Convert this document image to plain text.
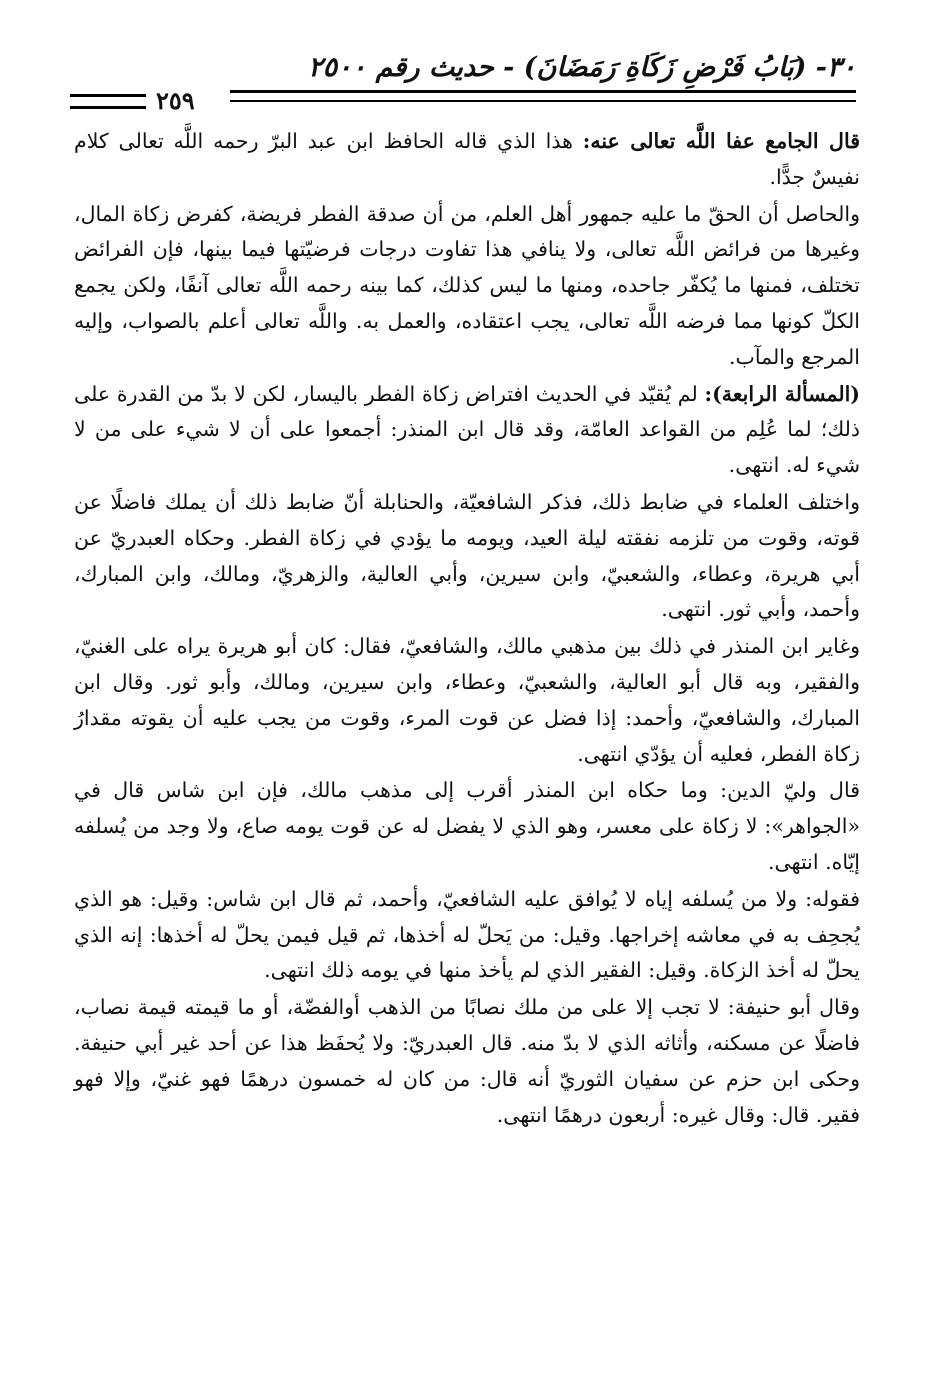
٣٠- (بَابُ فَرْضِ زَكَاةِ رَمَضَانَ) - حديث رقم ٢٥٠٠
٢٥٩

قال الجامع عفا اللَّه تعالى عنه: هذا الذي قاله الحافظ ابن عبد البرّ رحمه اللَّه تعالى كلام نفيسٌ جدًّا.

والحاصل أن الحقّ ما عليه جمهور أهل العلم، من أن صدقة الفطر فريضة، كفرض زكاة المال، وغيرها من فرائض اللَّه تعالى، ولا ينافي هذا تفاوت درجات فرضيّتها فيما بينها، فإن الفرائض تختلف، فمنها ما يُكفّر جاحده، ومنها ما ليس كذلك، كما بينه رحمه اللَّه تعالى آنفًا، ولكن يجمع الكلّ كونها مما فرضه اللَّه تعالى، يجب اعتقاده، والعمل به. واللَّه تعالى أعلم بالصواب، وإليه المرجع والمآب.

(المسألة الرابعة): لم يُقيّد في الحديث افتراض زكاة الفطر باليسار، لكن لا بدّ من القدرة على ذلك؛ لما عُلِم من القواعد العامّة، وقد قال ابن المنذر: أجمعوا على أن لا شيء على من لا شيء له. انتهى.

واختلف العلماء في ضابط ذلك، فذكر الشافعيّة، والحنابلة أنّ ضابط ذلك أن يملك فاضلًا عن قوته، وقوت من تلزمه نفقته ليلة العيد، ويومه ما يؤدي في زكاة الفطر. وحكاه العبدريّ عن أبي هريرة، وعطاء، والشعبيّ، وابن سيرين، وأبي العالية، والزهريّ، ومالك، وابن المبارك، وأحمد، وأبي ثور. انتهى.

وغاير ابن المنذر في ذلك بين مذهبي مالك، والشافعيّ، فقال: كان أبو هريرة يراه على الغنيّ، والفقير، وبه قال أبو العالية، والشعبيّ، وعطاء، وابن سيرين، ومالك، وأبو ثور. وقال ابن المبارك، والشافعيّ، وأحمد: إذا فضل عن قوت المرء، وقوت من يجب عليه أن يقوته مقدارُ زكاة الفطر، فعليه أن يؤدّي انتهى.

قال وليّ الدين: وما حكاه ابن المنذر أقرب إلى مذهب مالك، فإن ابن شاس قال في «الجواهر»: لا زكاة على معسر، وهو الذي لا يفضل له عن قوت يومه صاع، ولا وجد من يُسلفه إيّاه. انتهى.

فقوله: ولا من يُسلفه إياه لا يُوافق عليه الشافعيّ، وأحمد، ثم قال ابن شاس: وقيل: هو الذي يُجحِف به في معاشه إخراجها. وقيل: من يَحلّ له أخذها، ثم قيل فيمن يحلّ له أخذها: إنه الذي يحلّ له أخذ الزكاة. وقيل: الفقير الذي لم يأخذ منها في يومه ذلك انتهى.

وقال أبو حنيفة: لا تجب إلا على من ملك نصابًا من الذهب أوالفضّة، أو ما قيمته قيمة نصاب، فاضلًا عن مسكنه، وأثاثه الذي لا بدّ منه. قال العبدريّ: ولا يُحفَظ هذا عن أحد غير أبي حنيفة. وحكى ابن حزم عن سفيان الثوريّ أنه قال: من كان له خمسون درهمًا فهو غنيّ، وإلا فهو فقير. قال: وقال غيره: أربعون درهمًا انتهى.
